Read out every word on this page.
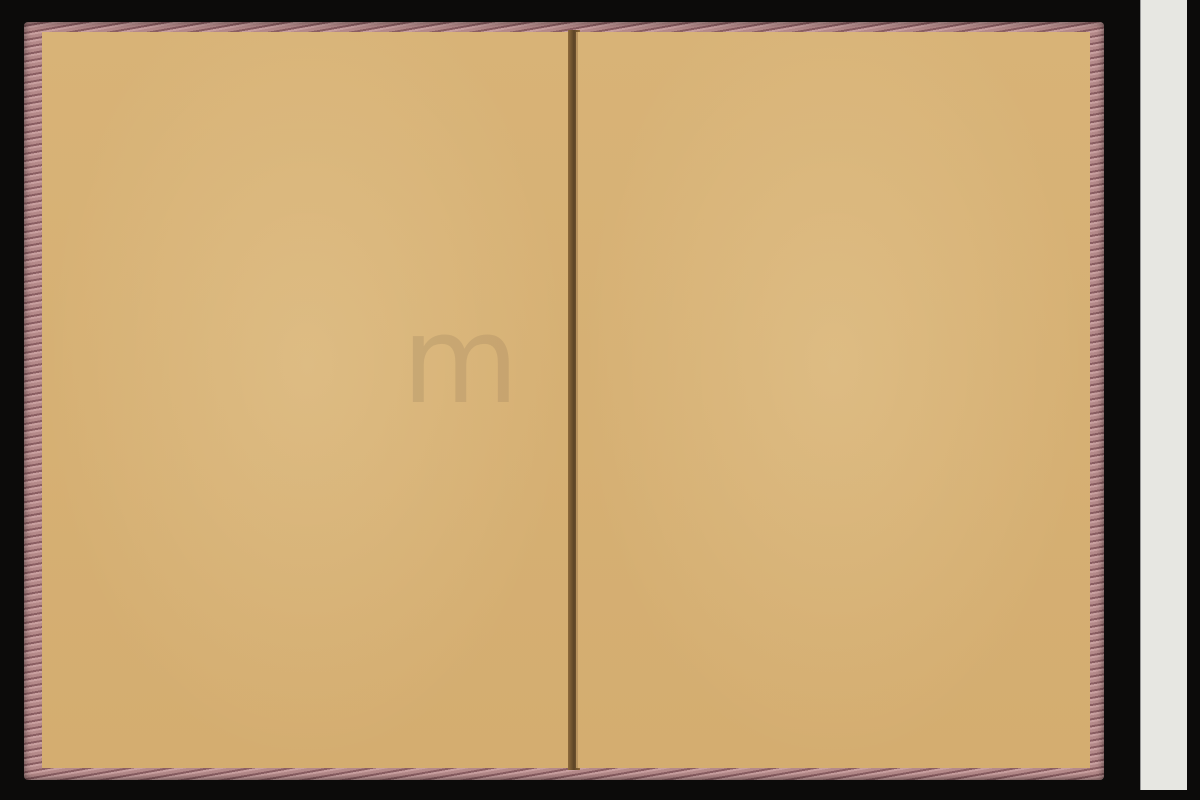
m
